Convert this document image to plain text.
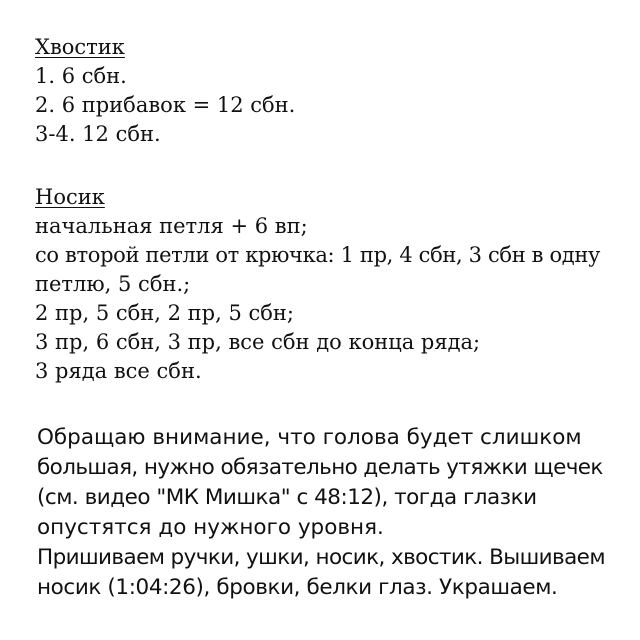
Хвостик
1. 6 сбн.
2. 6 прибавок = 12 сбн.
3-4. 12 сбн.
Носик
начальная петля + 6 вп;
со второй петли от крючка: 1 пр, 4 сбн, 3 сбн в одну
петлю, 5 сбн.;
2 пр, 5 сбн, 2 пр, 5 сбн;
3 пр, 6 сбн, 3 пр, все сбн до конца ряда;
3 ряда все сбн.
Обращаю внимание, что голова будет слишком
большая, нужно обязательно делать утяжки щечек
(см. видео "МК Мишка" с 48:12), тогда глазки
опустятся до нужного уровня.
Пришиваем ручки, ушки, носик, хвостик. Вышиваем
носик (1:04:26), бровки, белки глаз. Украшаем.
